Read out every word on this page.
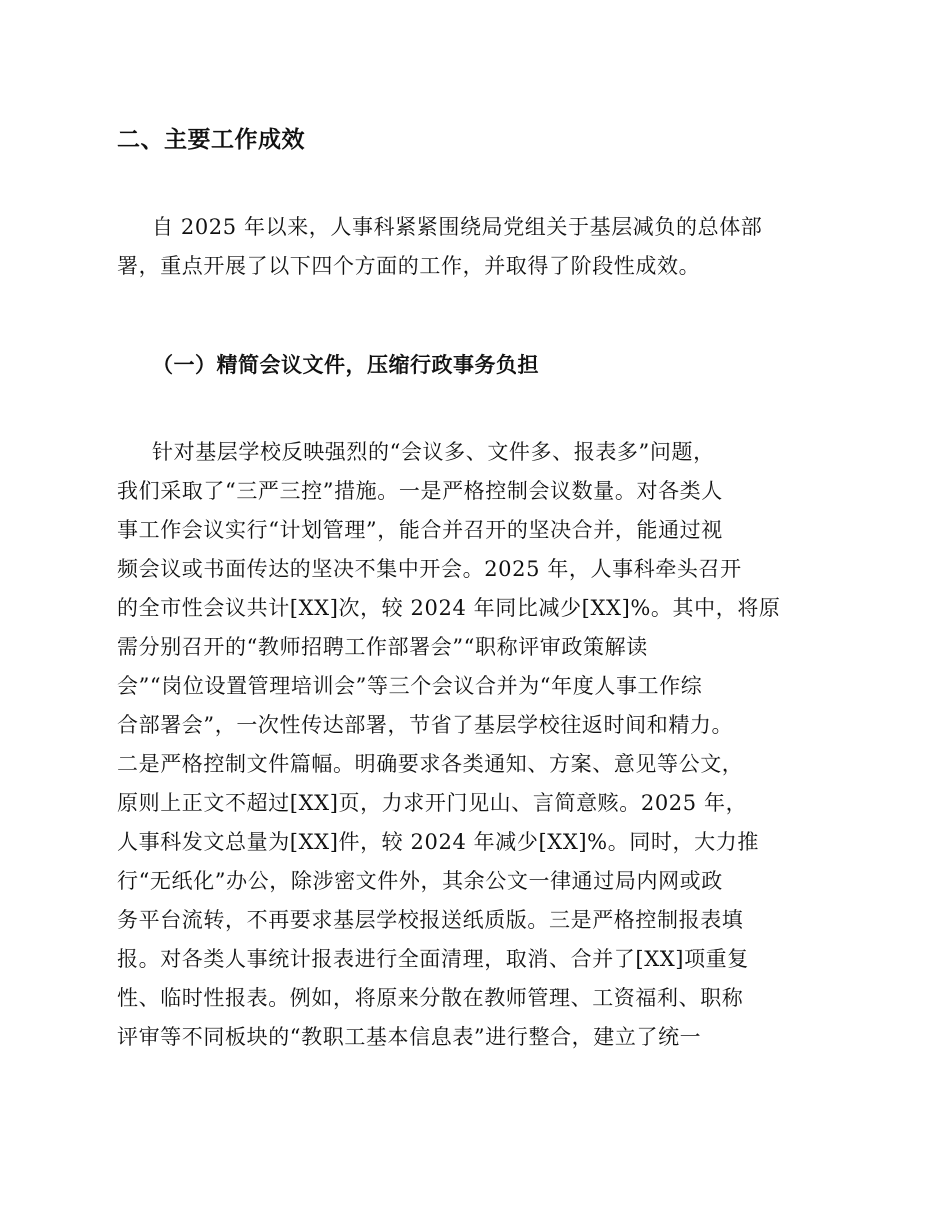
二、主要工作成效
自 2025 年以来，人事科紧紧围绕局党组关于基层减负的总体部
署，重点开展了以下四个方面的工作，并取得了阶段性成效。
（一）精简会议文件，压缩行政事务负担
针对基层学校反映强烈的“会议多、文件多、报表多”问题，
我们采取了“三严三控”措施。一是严格控制会议数量。对各类人
事工作会议实行“计划管理”，能合并召开的坚决合并，能通过视
频会议或书面传达的坚决不集中开会。2025 年，人事科牵头召开
的全市性会议共计[XX]次，较 2024 年同比减少[XX]%。其中，将原
需分别召开的“教师招聘工作部署会”“职称评审政策解读
会”“岗位设置管理培训会”等三个会议合并为“年度人事工作综
合部署会”，一次性传达部署，节省了基层学校往返时间和精力。
二是严格控制文件篇幅。明确要求各类通知、方案、意见等公文，
原则上正文不超过[XX]页，力求开门见山、言简意赅。2025 年，
人事科发文总量为[XX]件，较 2024 年减少[XX]%。同时，大力推
行“无纸化”办公，除涉密文件外，其余公文一律通过局内网或政
务平台流转，不再要求基层学校报送纸质版。三是严格控制报表填
报。对各类人事统计报表进行全面清理，取消、合并了[XX]项重复
性、临时性报表。例如，将原来分散在教师管理、工资福利、职称
评审等不同板块的“教职工基本信息表”进行整合，建立了统一
